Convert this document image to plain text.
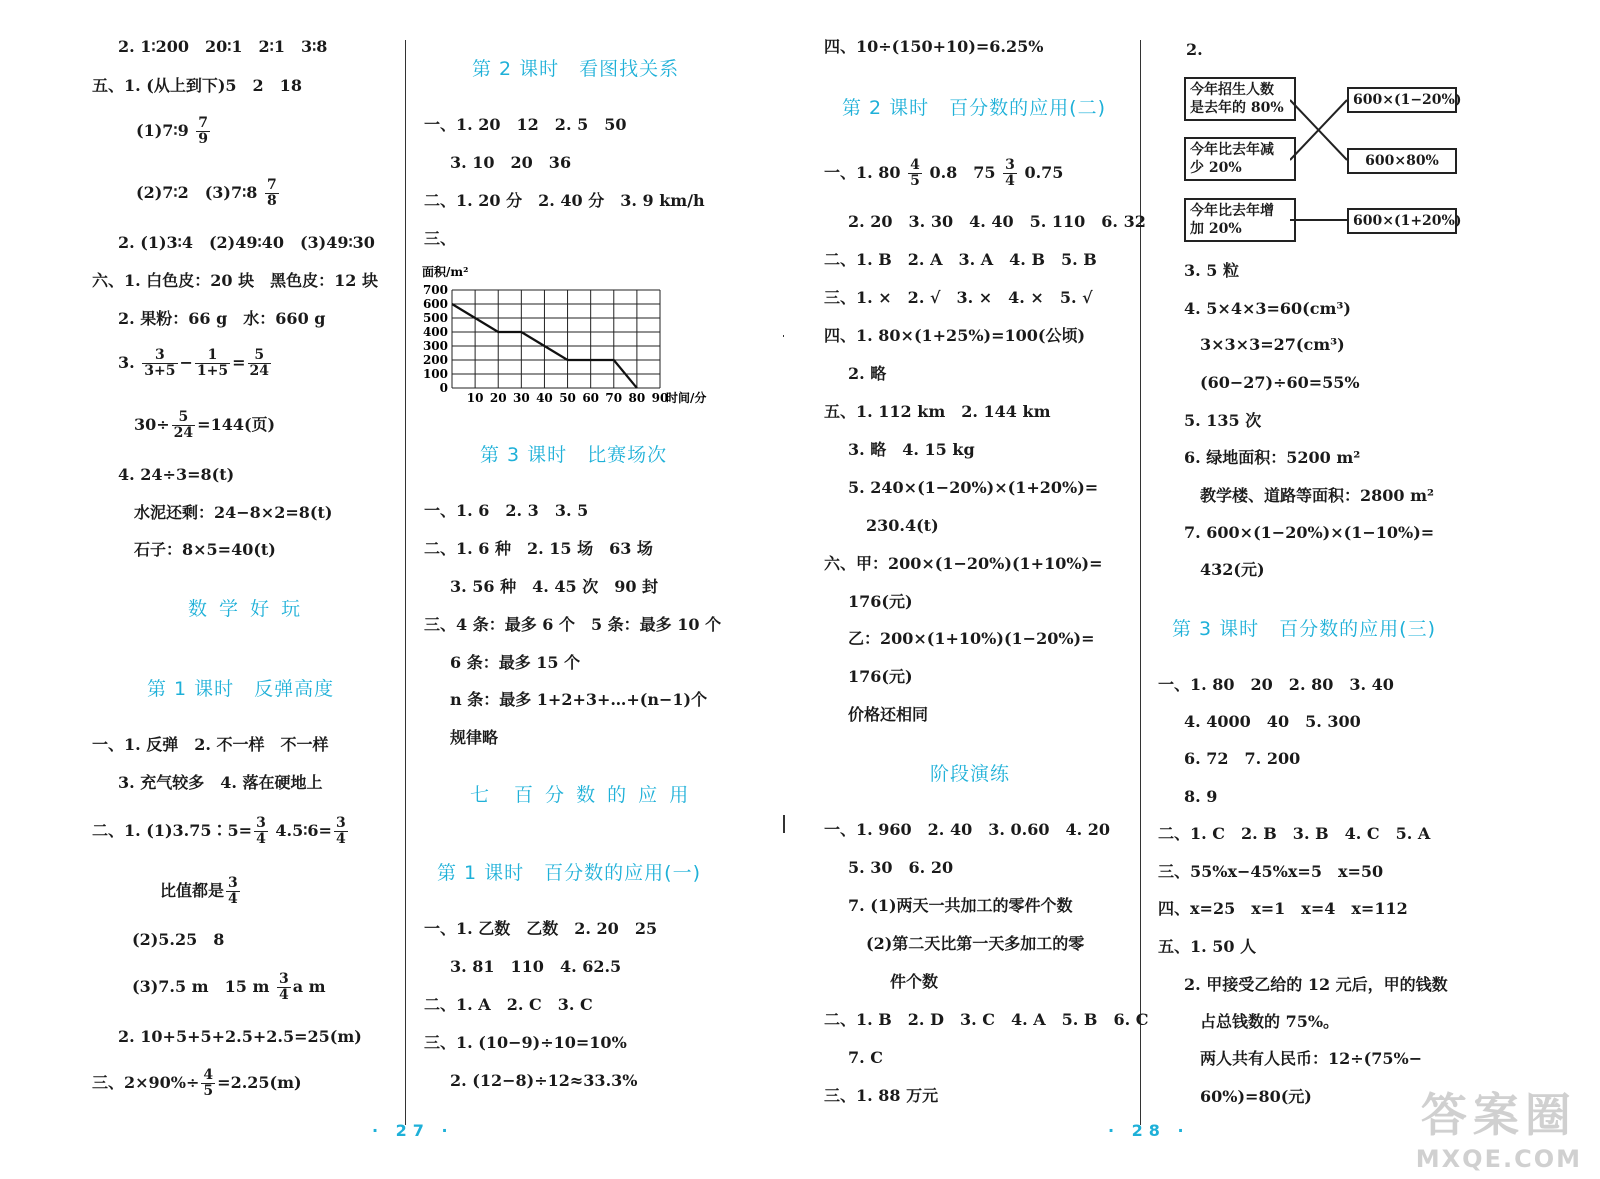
2. 1∶200　20∶1　2∶1　3∶8
五、1. (从上到下)5　2　18
(1)7∶9 $\frac{7}{9}$
(2)7∶2　(3)7∶8 $\frac{7}{8}$
2. (1)3∶4　(2)49∶40　(3)49∶30
六、1. 白色皮：20 块　黑色皮：12 块
2. 果粉：66 g　水：660 g
3. $\frac{3}{3+5} - \frac{1}{1+5} = \frac{5}{24}$
$30\div \frac{5}{24} =144$(页)
4. 24÷3=8(t)
水泥还剩：24−8×2=8(t)
石子：8×5=40(t)
数 学 好 玩
第 1 课时　反弹高度
一、1. 反弹　2. 不一样　不一样
3. 充气较多　4. 落在硬地上
二、1. (1)3.75∶5= $\frac{3}{4}$ 4.5∶6= $\frac{3}{4}$
比值都是 $\frac{3}{4}$
(2)5.25　8
(3)7.5 m　15 m $\frac{3}{4}$ a m
2. 10+5+5+2.5+2.5=25(m)
三、$2\times 90\%\div \frac{4}{5} =2.25(m)$
第 2 课时　看图找关系
一、1. 20　12　2. 5　50
3. 10　20　36
二、1. 20 分　2. 40 分　3. 9 km/h
三、
0
100
200
300
400
500
600
700
10 20 30 40 50 60 70 80 90
时间/分
面积/m²
第 3 课时　比赛场次
一、1. 6　2. 3　3. 5
二、1. 6 种　2. 15 场　63 场
3. 56 种　4. 45 次　90 封
三、4 条：最多 6 个　5 条：最多 10 个
6 条：最多 15 个
n 条：最多 1+2+3+…+(n−1)个
规律略
七　百 分 数 的 应 用
第 1 课时　百分数的应用(一)
一、1. 乙数　乙数　2. 20　25
3. 81　110　4. 62.5
二、1. A　2. C　3. C
三、1. (10−9)÷10=10%
2. (12−8)÷12≈33.3%
四、10÷(150+10)=6.25%
第 2 课时　百分数的应用(二)
一、1. $80 \frac{4}{5} 0.8$　$75 \frac{3}{4} 0.75$
2. 20　3. 30　4. 40　5. 110　6. 32
二、1. B　2. A　3. A　4. B　5. B
三、1. ×　2. √　3. ×　4. ×　5. √
四、1. 80×(1+25%)=100(公顷)
2. 略
五、1. 112 km　2. 144 km
3. 略　4. 15 kg
5. 240×(1−20%)×(1+20%)=
230.4(t)
六、甲：200×(1−20%)(1+10%)=
176(元)
乙：200×(1+10%)(1−20%)=
176(元)
价格还相同
阶段演练
一、1. 960　2. 40　3. 0.60　4. 20
5. 30　6. 20
7. (1)两天一共加工的零件个数
(2)第二天比第一天多加工的零
件个数
二、1. B　2. D　3. C　4. A　5. B　6. C
7. C
三、1. 88 万元
2.
今年招生人数
是去年的 80%
今年比去年减
少 20%
今年比去年增
加 20%
600×(1−20%)
600×80%
600×(1+20%)
3. 5 粒
4. 5×4×3=60(cm³)
3×3×3=27(cm³)
(60−27)÷60=55%
5. 135 次
6. 绿地面积：5200 m²
教学楼、道路等面积：2800 m²
7. 600×(1−20%)×(1−10%)=
432(元)
第 3 课时　百分数的应用(三)
一、1. 80　20　2. 80　3. 40
4. 4000　40　5. 300
6. 72　7. 200
8. 9
二、1. C　2. B　3. B　4. C　5. A
三、55%x−45%x=5　x=50
四、x=25　x=1　x=4　x=112
五、1. 50 人
2. 甲接受乙给的 12 元后，甲的钱数
占总钱数的 75%。
两人共有人民币：12÷(75%−
60%)=80(元)
· 27 ·	· 28 ·	答案圈
MXQE.COM
